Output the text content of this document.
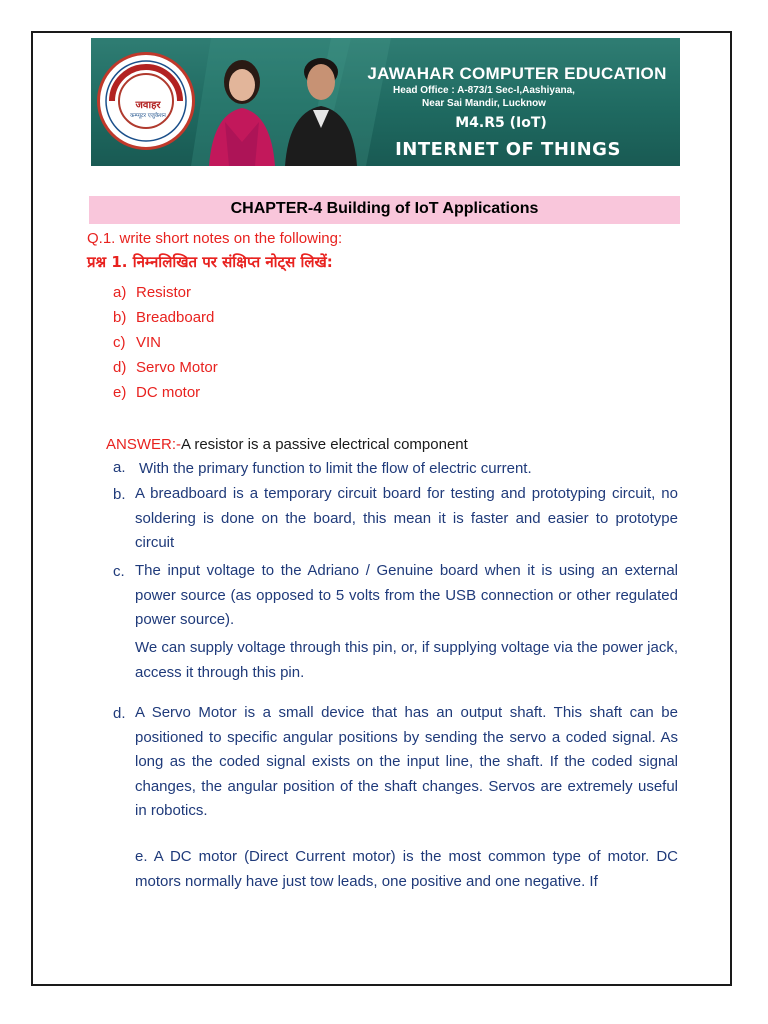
जवाहर
कम्प्यूटर एजुकेशन
JAWAHAR COMPUTER EDUCATION
Head Office : A-873/1 Sec-I,Aashiyana,
Near Sai Mandir, Lucknow
M4.R5 (IoT)
INTERNET OF THINGS
CHAPTER-4 Building of IoT Applications
Q.1. write short notes on the following:
प्रश्न 1. निम्नलिखित पर संक्षिप्त नोट्स लिखें:
a) Resistor
b) Breadboard
c) VIN
d) Servo Motor
e) DC motor
ANSWER:-A resistor is a passive electrical component
a. With the primary function to limit the flow of electric current.
b. A breadboard is a temporary circuit board for testing and prototyping circuit, no soldering is done on the board, this mean it is faster and easier to prototype circuit
c. The input voltage to the Adriano / Genuine board when it is using an external power source (as opposed to 5 volts from the USB connection or other regulated power source).
We can supply voltage through this pin, or, if supplying voltage via the power jack, access it through this pin.
d. A Servo Motor is a small device that has an output shaft. This shaft can be positioned to specific angular positions by sending the servo a coded signal. As long as the coded signal exists on the input line, the shaft. If the coded signal changes, the angular position of the shaft changes. Servos are extremely useful in robotics.
e. A DC motor (Direct Current motor) is the most common type of motor. DC motors normally have just tow leads, one positive and one negative. If
